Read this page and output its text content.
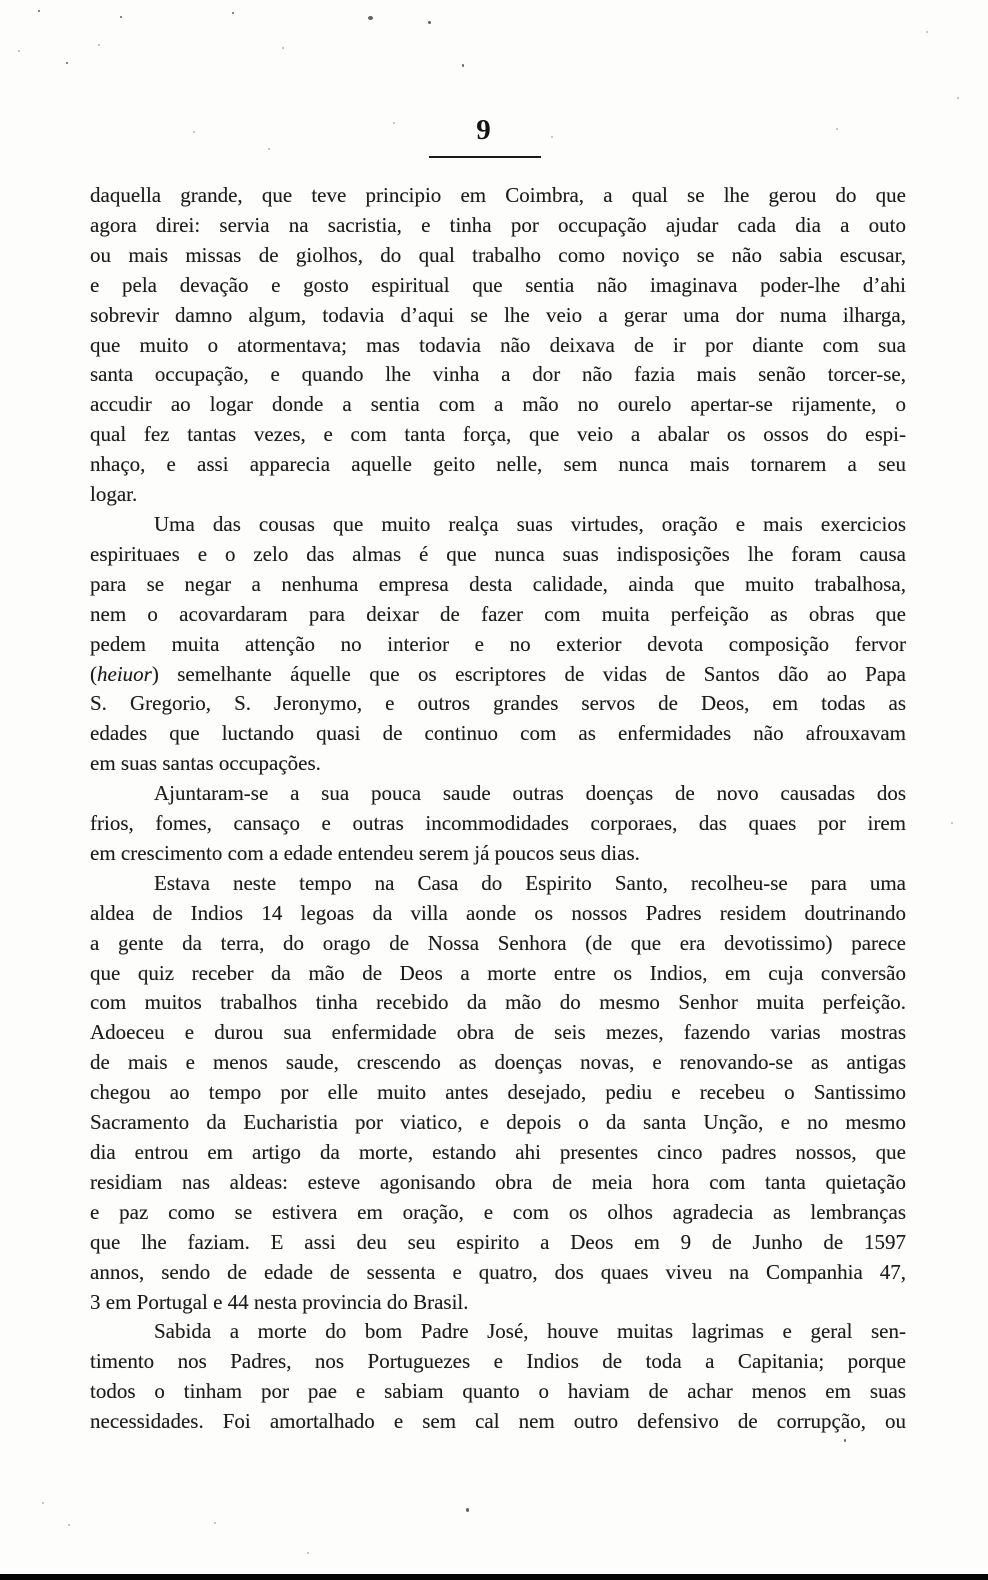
9
daquella grande, que teve principio em Coimbra, a qual se lhe gerou do que
agora direi: servia na sacristia, e tinha por occupação ajudar cada dia a outo
ou mais missas de giolhos, do qual trabalho como noviço se não sabia escusar,
e pela devação e gosto espiritual que sentia não imaginava poder-lhe d’ahi
sobrevir damno algum, todavia d’aqui se lhe veio a gerar uma dor numa ilharga,
que muito o atormentava; mas todavia não deixava de ir por diante com sua
santa occupação, e quando lhe vinha a dor não fazia mais senão torcer-se,
accudir ao logar donde a sentia com a mão no ourelo apertar-se rijamente, o
qual fez tantas vezes, e com tanta força, que veio a abalar os ossos do espi-
nhaço, e assi apparecia aquelle geito nelle, sem nunca mais tornarem a seu
logar.
Uma das cousas que muito realça suas virtudes, oração e mais exercicios
espirituaes e o zelo das almas é que nunca suas indisposições lhe foram causa
para se negar a nenhuma empresa desta calidade, ainda que muito trabalhosa,
nem o acovardaram para deixar de fazer com muita perfeição as obras que
pedem muita attenção no interior e no exterior devota composição fervor
(heiuor) semelhante áquelle que os escriptores de vidas de Santos dão ao Papa
S. Gregorio, S. Jeronymo, e outros grandes servos de Deos, em todas as
edades que luctando quasi de continuo com as enfermidades não afrouxavam
em suas santas occupações.
Ajuntaram-se a sua pouca saude outras doenças de novo causadas dos
frios, fomes, cansaço e outras incommodidades corporaes, das quaes por irem
em crescimento com a edade entendeu serem já poucos seus dias.
Estava neste tempo na Casa do Espirito Santo, recolheu-se para uma
aldea de Indios 14 legoas da villa aonde os nossos Padres residem doutrinando
a gente da terra, do orago de Nossa Senhora (de que era devotissimo) parece
que quiz receber da mão de Deos a morte entre os Indios, em cuja conversão
com muitos trabalhos tinha recebido da mão do mesmo Senhor muita perfeição.
Adoeceu e durou sua enfermidade obra de seis mezes, fazendo varias mostras
de mais e menos saude, crescendo as doenças novas, e renovando-se as antigas
chegou ao tempo por elle muito antes desejado, pediu e recebeu o Santissimo
Sacramento da Eucharistia por viatico, e depois o da santa Unção, e no mesmo
dia entrou em artigo da morte, estando ahi presentes cinco padres nossos, que
residiam nas aldeas: esteve agonisando obra de meia hora com tanta quietação
e paz como se estivera em oração, e com os olhos agradecia as lembranças
que lhe faziam. E assi deu seu espirito a Deos em 9 de Junho de 1597
annos, sendo de edade de sessenta e quatro, dos quaes viveu na Companhia 47,
3 em Portugal e 44 nesta provincia do Brasil.
Sabida a morte do bom Padre José, houve muitas lagrimas e geral sen-
timento nos Padres, nos Portuguezes e Indios de toda a Capitania; porque
todos o tinham por pae e sabiam quanto o haviam de achar menos em suas
necessidades. Foi amortalhado e sem cal nem outro defensivo de corrupção, ou
